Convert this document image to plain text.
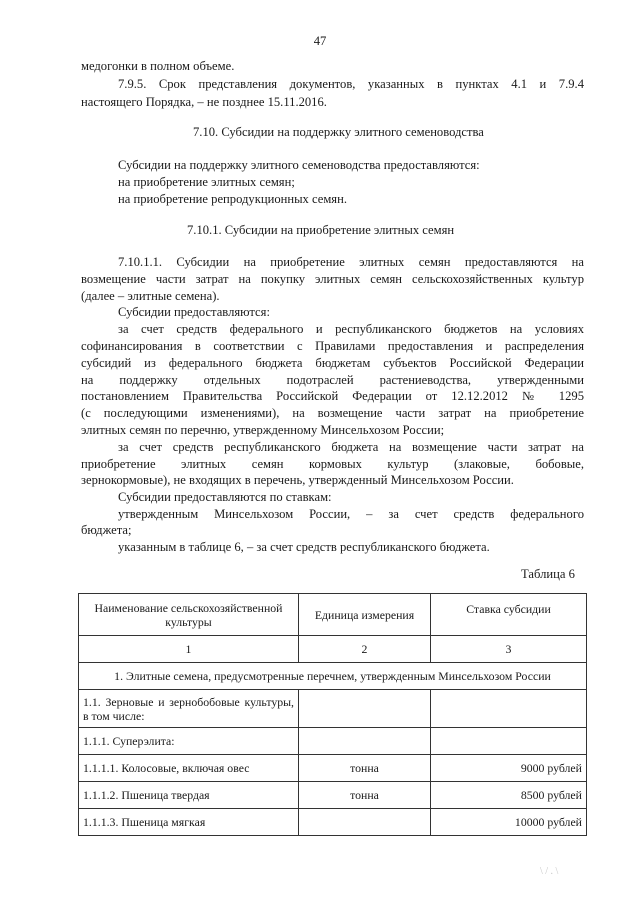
47
медогонки в полном объеме.
7.9.5. Срок представления документов, указанных в пунктах 4.1 и 7.9.4
настоящего Порядка, – не позднее 15.11.2016.
7.10. Субсидии на поддержку элитного семеноводства
Субсидии на поддержку элитного семеноводства предоставляются:
на приобретение элитных семян;
на приобретение репродукционных семян.
7.10.1. Субсидии на приобретение элитных семян
7.10.1.1. Субсидии на приобретение элитных семян предоставляются на
возмещение части затрат на покупку элитных семян сельскохозяйственных культур
(далее – элитные семена).
Субсидии предоставляются:
за счет средств федерального и республиканского бюджетов на условиях
софинансирования в соответствии с Правилами предоставления и распределения
субсидий из федерального бюджета бюджетам субъектов Российской Федерации
на поддержку отдельных подотраслей растениеводства, утвержденными
постановлением Правительства Российской Федерации от 12.12.2012 № 1295
(с последующими изменениями), на возмещение части затрат на приобретение
элитных семян по перечню, утвержденному Минсельхозом России;
за счет средств республиканского бюджета на возмещение части затрат на
приобретение элитных семян кормовых культур (злаковые, бобовые,
зернокормовые), не входящих в перечень, утвержденный Минсельхозом России.
Субсидии предоставляются по ставкам:
утвержденным Минсельхозом России, – за счет средств федерального
бюджета;
указанным в таблице 6, – за счет средств республиканского бюджета.
Таблица 6
Наименование сельскохозяйственной культуры	Единица измерения	Ставка субсидии
1	2	3
1. Элитные семена, предусмотренные перечнем, утвержденным Минсельхозом России		
1.1. Зерновые и зернобобовые культуры, в том числе:		
1.1.1. Суперэлита:		
1.1.1.1. Колосовые, включая овес	тонна	9000 рублей
1.1.1.2. Пшеница твердая	тонна	8500 рублей
1.1.1.3. Пшеница мягкая		10000 рублей
\ / . \
